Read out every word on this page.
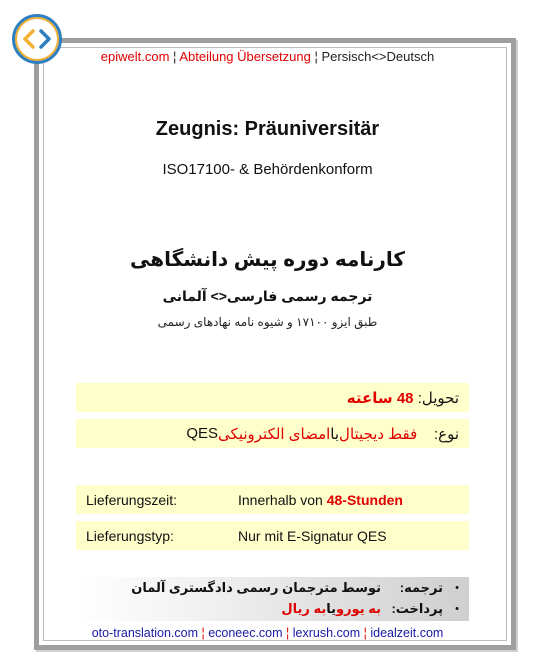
epiwelt.com ¦ Abteilung Übersetzung ¦ Persisch<>Deutsch
Zeugnis: Präuniversitär
ISO17100- & Behördenkonform
کارنامه دوره پیش دانشگاهی
ترجمه رسمی فارسی<> آلمانی
طبق ایزو ۱۷۱۰۰ و شیوه نامه نهادهای رسمی
تحویل:

48 ساعته
نوع:

فقط دیجیتال
با
امضای الکترونیکی
QES
Lieferungszeit:	Innerhalb von
48-Stunden
Lieferungstyp:	Nur mit E-Signatur QES
•
ترجمه:
توسط مترجمان رسمی دادگستری آلمان
•
پرداخت:
به یورو
یا
به ریال
oto-translation.com ¦ econeec.com ¦ lexrush.com ¦ idealzeit.com
